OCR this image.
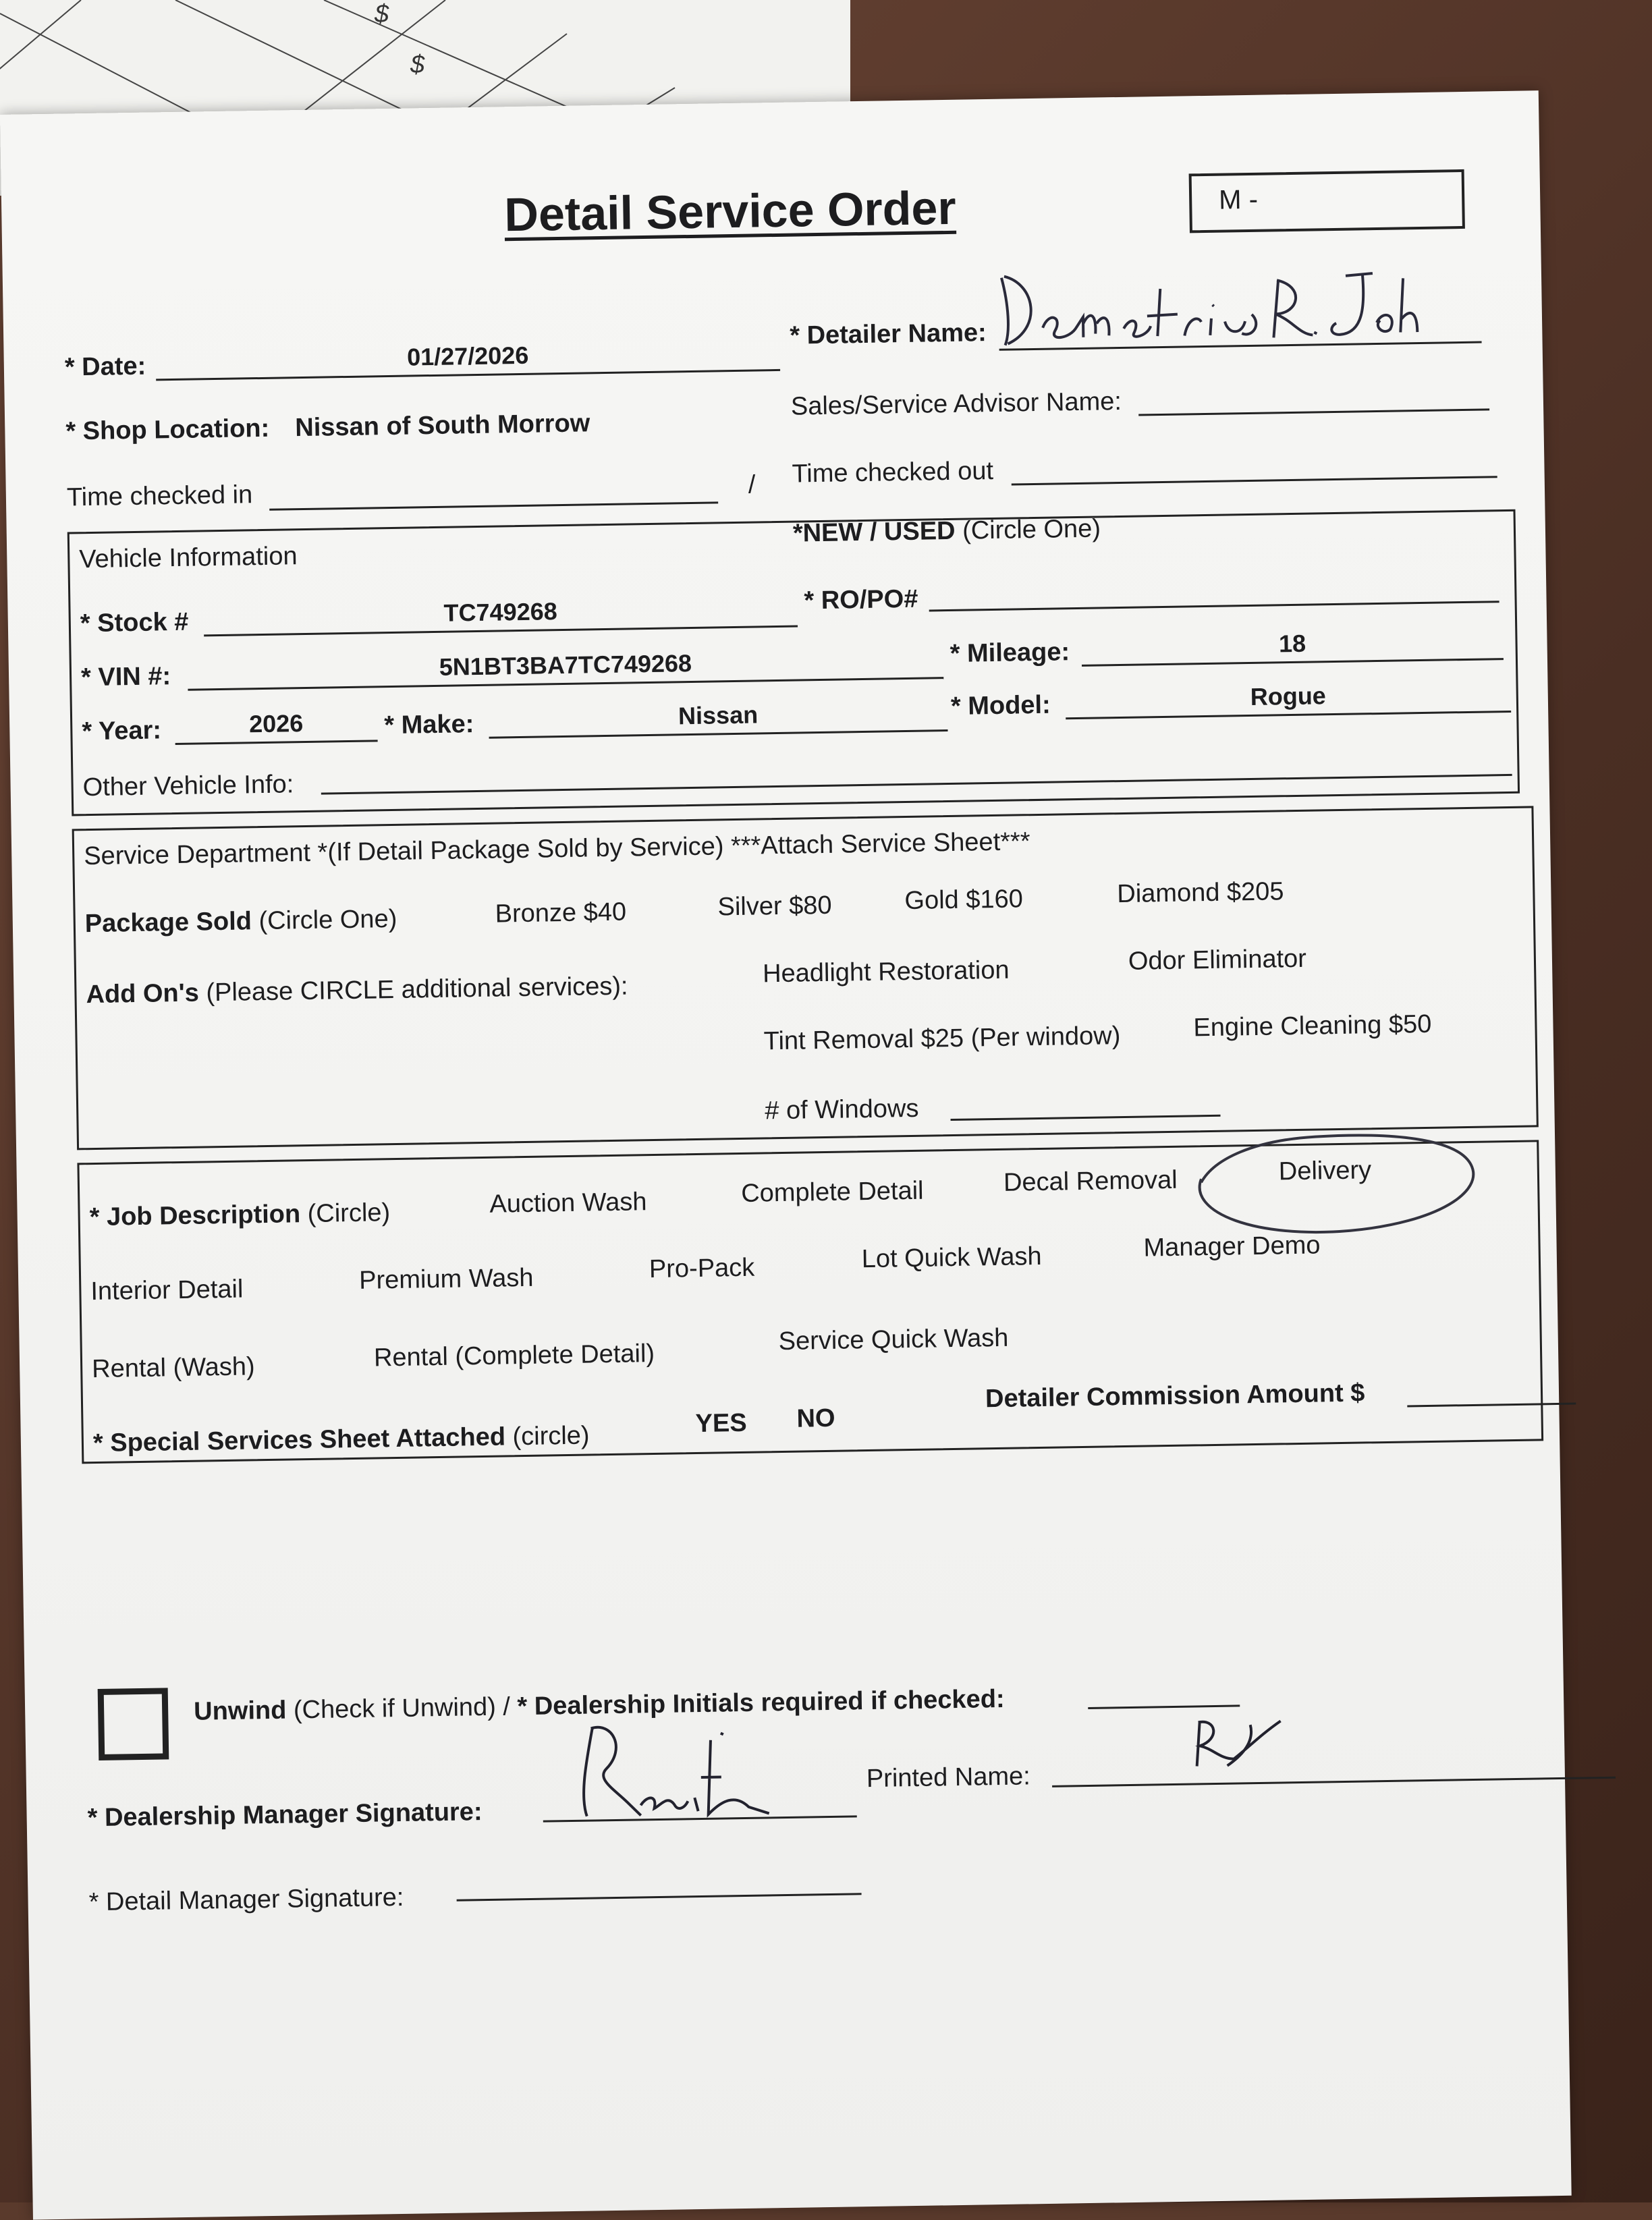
$
$
Detail Service Order	M -
* Date:	01/27/2026
* Detailer Name:
* Shop Location: Nissan of South Morrow
Sales/Service Advisor Name:
Time checked in	/ Time checked out
Vehicle Information
*NEW / USED (Circle One)
* Stock #	TC749268	* RO/PO#
* VIN #:	5N1BT3BA7TC749268	* Mileage:	18
* Year:	2026	* Make:	Nissan	* Model:	Rogue
Other Vehicle Info:
Service Department *(If Detail Package Sold by Service) ***Attach Service Sheet***
Package Sold (Circle One)	Bronze $40	Silver $80	Gold $160	Diamond $205
Add On's (Please CIRCLE additional services):
Headlight Restoration	Odor Eliminator
Tint Removal $25 (Per window)	Engine Cleaning $50
# of Windows
* Job Description (Circle)	Auction Wash	Complete Detail	Decal Removal	Delivery
Interior Detail	Premium Wash	Pro-Pack	Lot Quick Wash	Manager Demo
Rental (Wash)	Rental (Complete Detail)	Service Quick Wash
* Special Services Sheet Attached (circle)	YES NO
Detailer Commission Amount $
Unwind (Check if Unwind) / * Dealership Initials required if checked:
* Dealership Manager Signature:
Printed Name:
* Detail Manager Signature:
